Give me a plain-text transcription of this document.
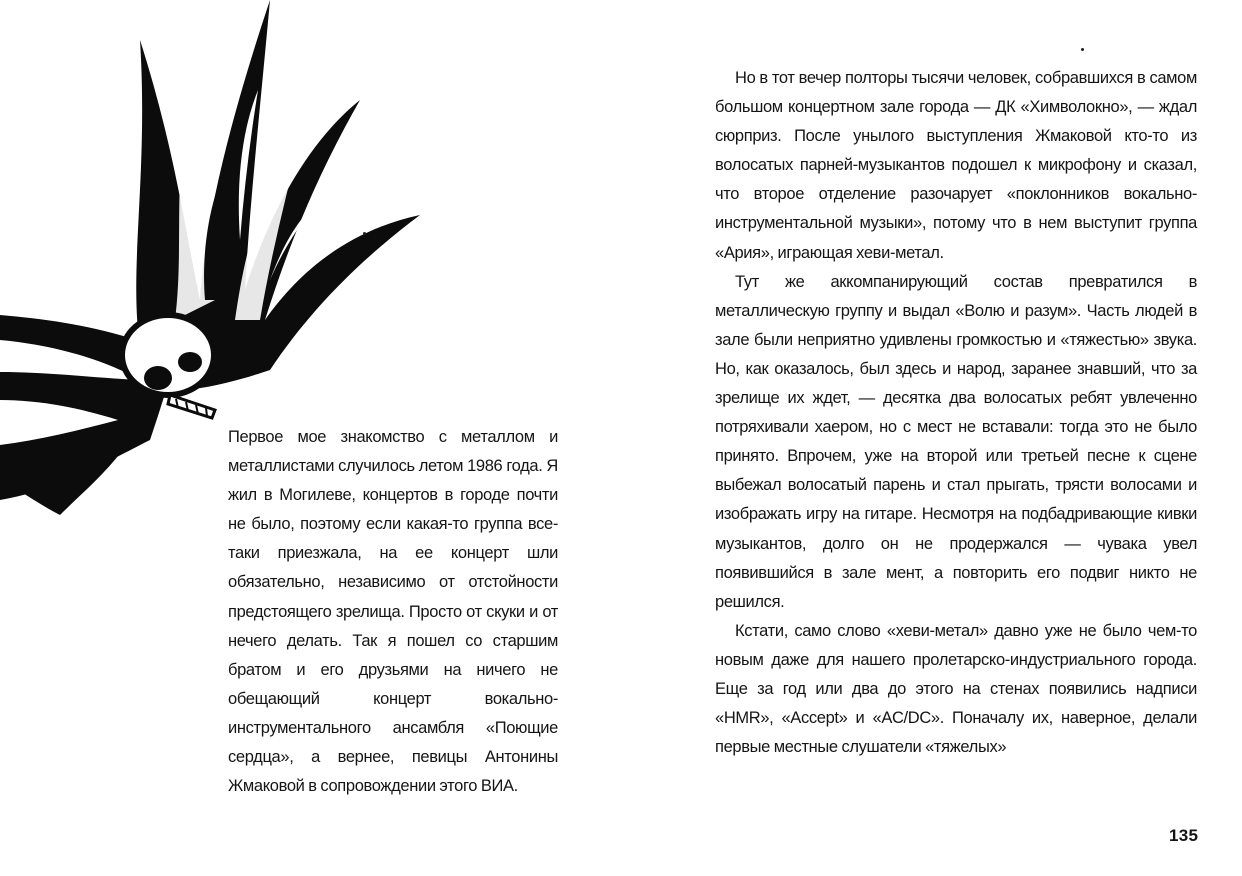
Первое мое знакомство с металлом и металлистами случилось летом 1986 года. Я жил в Могилеве, концертов в городе почти не было, поэтому если какая-то группа все-таки приезжала, на ее концерт шли обязательно, независимо от отстойности предстоящего зрелища. Просто от скуки и от нечего делать. Так я пошел со старшим братом и его друзьями на ничего не обещающий концерт вокально-инструментального ансамбля «Поющие сердца», а вернее, певицы Антонины Жмаковой в сопровождении этого ВИА.

Но в тот вечер полторы тысячи человек, собравшихся в самом большом концертном зале города — ДК «Химволокно», — ждал сюрприз. После унылого выступления Жмаковой кто-то из волосатых парней-музыкантов подошел к микрофону и сказал, что второе отделение разочарует «поклонников вокально-инструментальной музыки», потому что в нем выступит группа «Ария», играющая хеви-метал.

Тут же аккомпанирующий состав превратился в металлическую группу и выдал «Волю и разум». Часть людей в зале были неприятно удивлены громкостью и «тяжестью» звука. Но, как оказалось, был здесь и народ, заранее знавший, что за зрелище их ждет, — десятка два волосатых ребят увлеченно потряхивали хаером, но с мест не вставали: тогда это не было принято. Впрочем, уже на второй или третьей песне к сцене выбежал волосатый парень и стал прыгать, трясти волосами и изображать игру на гитаре. Несмотря на подбадривающие кивки музыкантов, долго он не продержался — чувака увел появившийся в зале мент, а повторить его подвиг никто не решился.

Кстати, само слово «хеви-метал» давно уже не было чем-то новым даже для нашего пролетарско-индустриального города. Еще за год или два до этого на стенах появились надписи «HMR», «Accept» и «AC/DC». Поначалу их, наверное, делали первые местные слушатели «тяжелых»

135
